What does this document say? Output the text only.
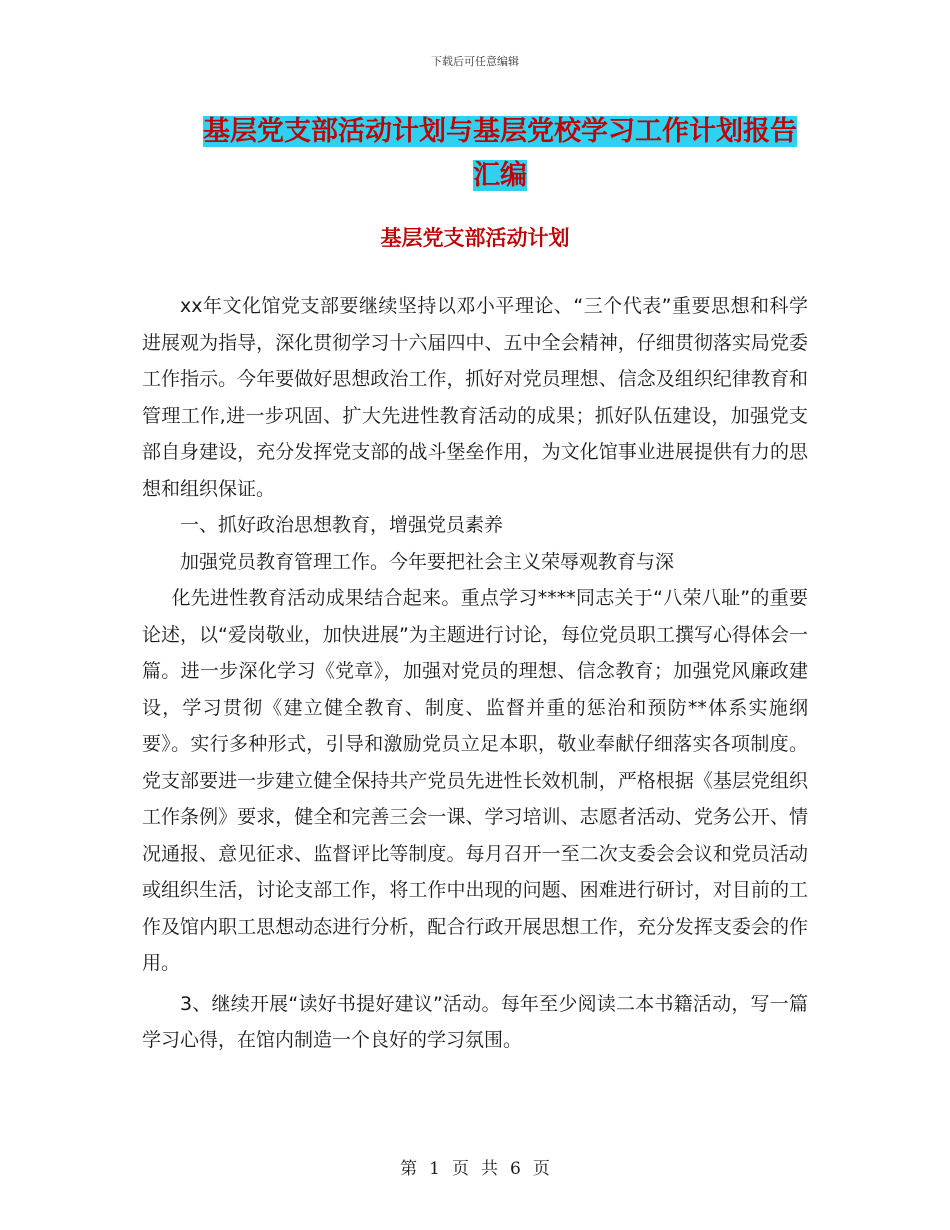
下载后可任意编辑
基层党支部活动计划与基层党校学习工作计划报告汇编
基层党支部活动计划

xx年文化馆党支部要继续坚持以邓小平理论、“三个代表”重要思想和科学进展观为指导，深化贯彻学习十六届四中、五中全会精神，仔细贯彻落实局党委工作指示。今年要做好思想政治工作，抓好对党员理想、信念及组织纪律教育和管理工作,进一步巩固、扩大先进性教育活动的成果；抓好队伍建设，加强党支部自身建设，充分发挥党支部的战斗堡垒作用，为文化馆事业进展提供有力的思想和组织保证。

一、抓好政治思想教育，增强党员素养

加强党员教育管理工作。今年要把社会主义荣辱观教育与深

化先进性教育活动成果结合起来。重点学习****同志关于“八荣八耻”的重要论述，以“爱岗敬业，加快进展”为主题进行讨论，每位党员职工撰写心得体会一篇。进一步深化学习《党章》，加强对党员的理想、信念教育；加强党风廉政建设，学习贯彻《建立健全教育、制度、监督并重的惩治和预防**体系实施纲要》。实行多种形式，引导和激励党员立足本职，敬业奉献仔细落实各项制度。党支部要进一步建立健全保持共产党员先进性长效机制，严格根据《基层党组织工作条例》要求，健全和完善三会一课、学习培训、志愿者活动、党务公开、情况通报、意见征求、监督评比等制度。每月召开一至二次支委会会议和党员活动或组织生活，讨论支部工作，将工作中出现的问题、困难进行研讨，对目前的工作及馆内职工思想动态进行分析，配合行政开展思想工作，充分发挥支委会的作用。

3、继续开展“读好书提好建议”活动。每年至少阅读二本书籍活动，写一篇学习心得，在馆内制造一个良好的学习氛围。

第 1 页 共 6 页
